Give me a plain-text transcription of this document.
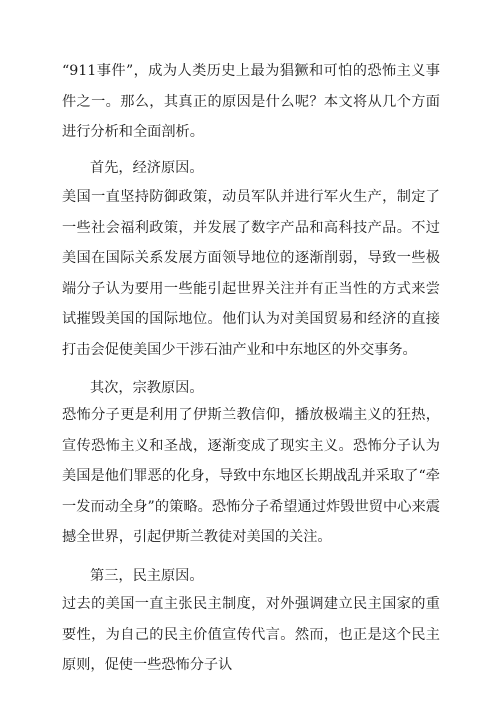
“911事件”，成为人类历史上最为猖獗和可怕的恐怖主义事件之一。那么，其真正的原因是什么呢？本文将从几个方面进行分析和全面剖析。

首先，经济原因。

美国一直坚持防御政策，动员军队并进行军火生产，制定了一些社会福利政策，并发展了数字产品和高科技产品。不过美国在国际关系发展方面领导地位的逐渐削弱，导致一些极端分子认为要用一些能引起世界关注并有正当性的方式来尝试摧毁美国的国际地位。他们认为对美国贸易和经济的直接打击会促使美国少干涉石油产业和中东地区的外交事务。

其次，宗教原因。

恐怖分子更是利用了伊斯兰教信仰，播放极端主义的狂热，宣传恐怖主义和圣战，逐渐变成了现实主义。恐怖分子认为美国是他们罪恶的化身，导致中东地区长期战乱并采取了“牵一发而动全身”的策略。恐怖分子希望通过炸毁世贸中心来震撼全世界，引起伊斯兰教徒对美国的关注。

第三，民主原因。

过去的美国一直主张民主制度，对外强调建立民主国家的重要性，为自己的民主价值宣传代言。然而，也正是这个民主原则，促使一些恐怖分子认
